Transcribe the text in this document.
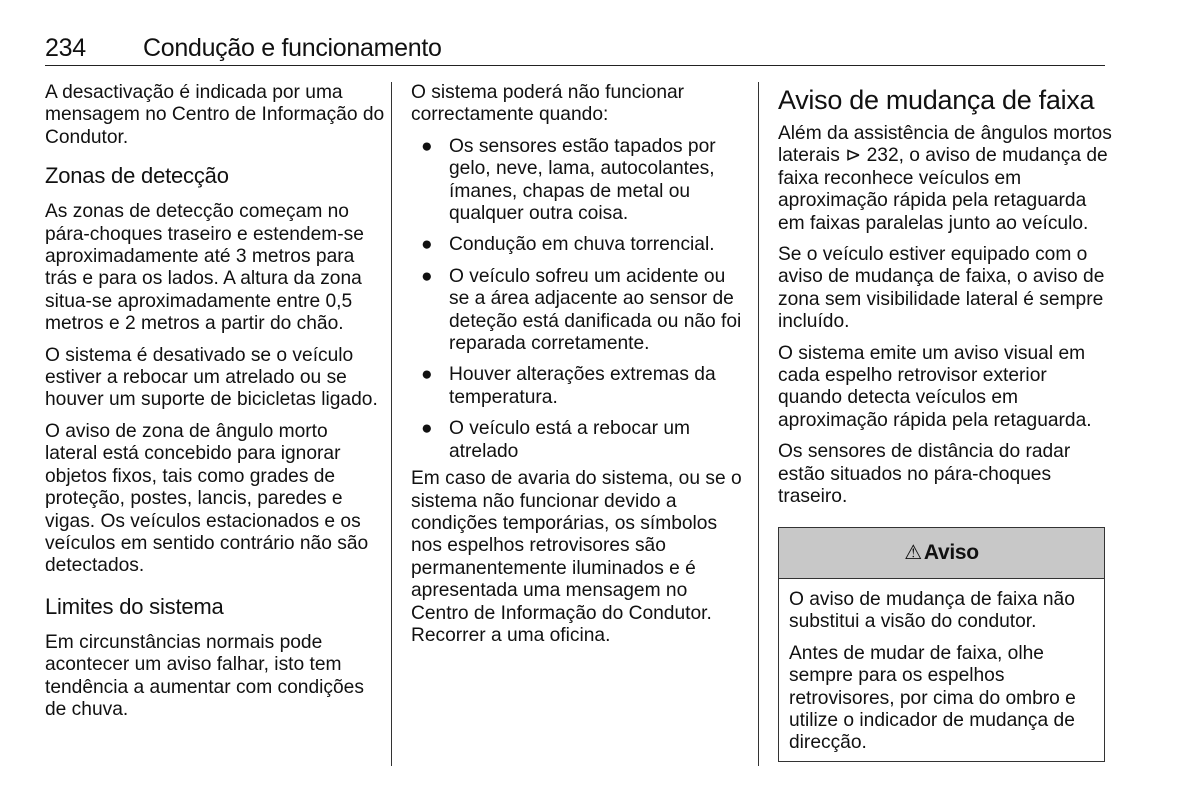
234 Condução e funcionamento

A desactivação é indicada por uma mensagem no Centro de Informação do Condutor.

Zonas de detecção

As zonas de detecção começam no pára-choques traseiro e estendem-se aproximadamente até 3 metros para trás e para os lados. A altura da zona situa-se aproximadamente entre 0,5 metros e 2 metros a partir do chão.

O sistema é desativado se o veículo estiver a rebocar um atrelado ou se houver um suporte de bicicletas ligado.

O aviso de zona de ângulo morto lateral está concebido para ignorar objetos fixos, tais como grades de proteção, postes, lancis, paredes e vigas. Os veículos estacionados e os veículos em sentido contrário não são detectados.

Limites do sistema

Em circunstâncias normais pode acontecer um aviso falhar, isto tem tendência a aumentar com condições de chuva.

O sistema poderá não funcionar correctamente quando:

● Os sensores estão tapados por gelo, neve, lama, autocolantes, ímanes, chapas de metal ou qualquer outra coisa.
● Condução em chuva torrencial.
● O veículo sofreu um acidente ou se a área adjacente ao sensor de deteção está danificada ou não foi reparada corretamente.
● Houver alterações extremas da temperatura.
● O veículo está a rebocar um atrelado

Em caso de avaria do sistema, ou se o sistema não funcionar devido a condições temporárias, os símbolos nos espelhos retrovisores são permanentemente iluminados e é apresentada uma mensagem no Centro de Informação do Condutor. Recorrer a uma oficina.

Aviso de mudança de faixa

Além da assistência de ângulos mortos laterais ⊳ 232, o aviso de mudança de faixa reconhece veículos em aproximação rápida pela retaguarda em faixas paralelas junto ao veículo.

Se o veículo estiver equipado com o aviso de mudança de faixa, o aviso de zona sem visibilidade lateral é sempre incluído.

O sistema emite um aviso visual em cada espelho retrovisor exterior quando detecta veículos em aproximação rápida pela retaguarda.

Os sensores de distância do radar estão situados no pára-choques traseiro.

⚠Aviso

O aviso de mudança de faixa não substitui a visão do condutor.

Antes de mudar de faixa, olhe sempre para os espelhos retrovisores, por cima do ombro e utilize o indicador de mudança de direcção.
